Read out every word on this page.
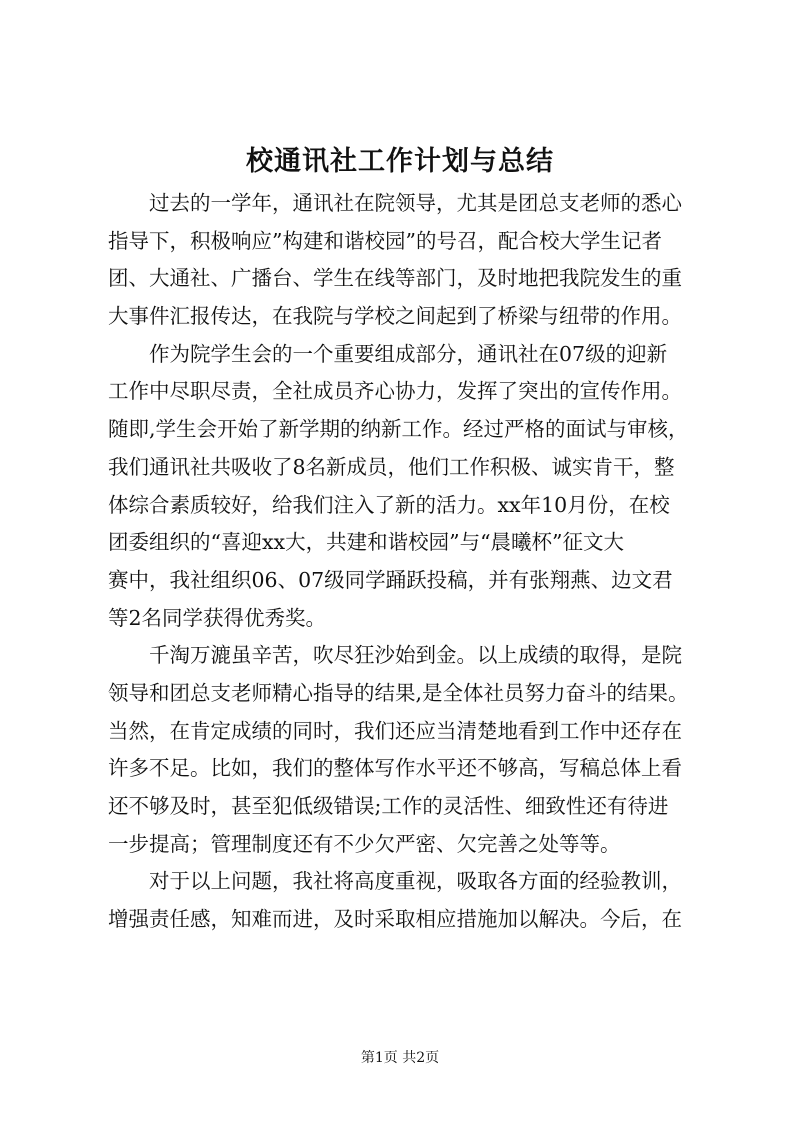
校通讯社工作计划与总结

过去的一学年，通讯社在院领导，尤其是团总支老师的悉心
指导下，积极响应”构建和谐校园”的号召，配合校大学生记者
团、大通社、广播台、学生在线等部门，及时地把我院发生的重
大事件汇报传达，在我院与学校之间起到了桥梁与纽带的作用。

作为院学生会的一个重要组成部分，通讯社在07级的迎新
工作中尽职尽责，全社成员齐心协力，发挥了突出的宣传作用。
随即,学生会开始了新学期的纳新工作。经过严格的面试与审核，
我们通讯社共吸收了8名新成员，他们工作积极、诚实肯干，整
体综合素质较好，给我们注入了新的活力。xx年10月份，在校
团委组织的“喜迎xx大，共建和谐校园”与“晨曦杯”征文大
赛中，我社组织06、07级同学踊跃投稿，并有张翔燕、边文君
等2名同学获得优秀奖。

千淘万漉虽辛苦，吹尽狂沙始到金。以上成绩的取得，是院
领导和团总支老师精心指导的结果,是全体社员努力奋斗的结果。
当然，在肯定成绩的同时，我们还应当清楚地看到工作中还存在
许多不足。比如，我们的整体写作水平还不够高，写稿总体上看
还不够及时，甚至犯低级错误;工作的灵活性、细致性还有待进
一步提高；管理制度还有不少欠严密、欠完善之处等等。

对于以上问题，我社将高度重视，吸取各方面的经验教训，
增强责任感，知难而进，及时采取相应措施加以解决。今后，在

第1页 共2页
